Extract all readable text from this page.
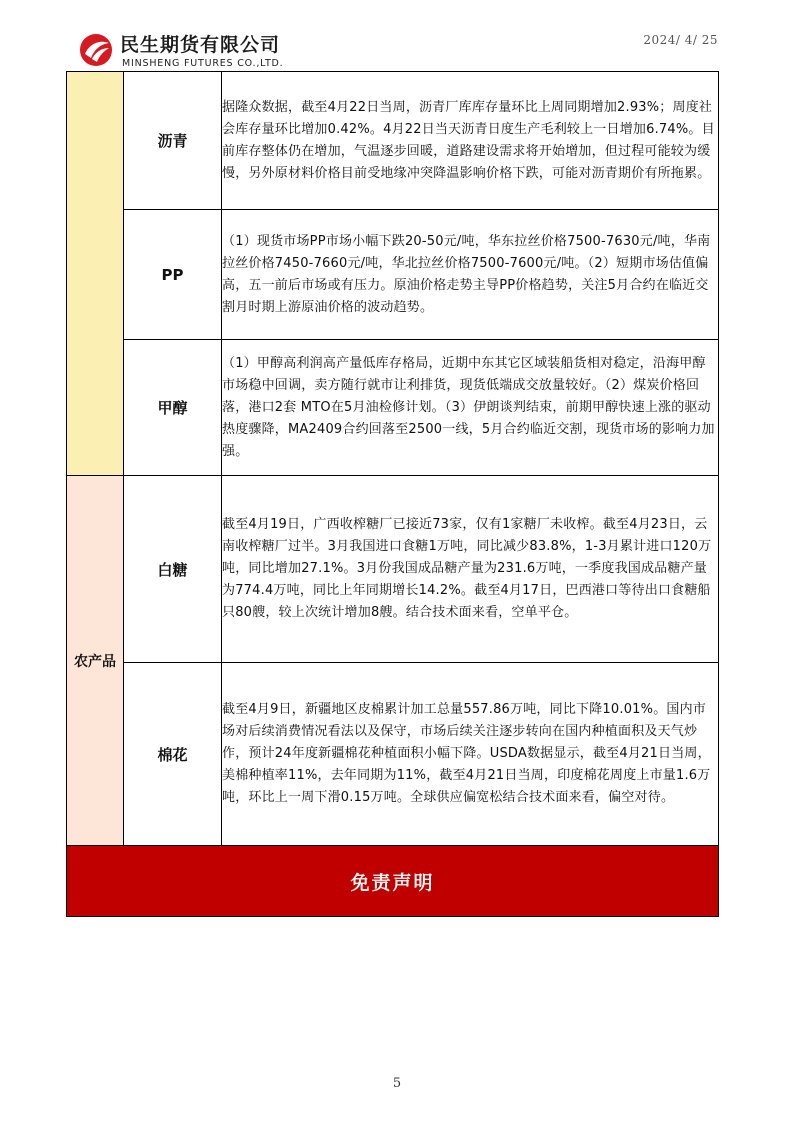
民生期货有限公司
MINSHENG FUTURES CO.,LTD.
2024/ 4/ 25
	沥青	据隆众数据，截至4月22日当周，沥青厂库库存量环比上周同期增加2.93%；周度社会库存量环比增加0.42%。4月22日当天沥青日度生产毛利较上一日增加6.74%。目前库存整体仍在增加，气温逐步回暖，道路建设需求将开始增加，但过程可能较为缓慢，另外原材料价格目前受地缘冲突降温影响价格下跌，可能对沥青期价有所拖累。
	PP	（1）现货市场PP市场小幅下跌20-50元/吨，华东拉丝价格7500-7630元/吨，华南拉丝价格7450-7660元/吨，华北拉丝价格7500-7600元/吨。（2）短期市场估值偏高，五一前后市场或有压力。原油价格走势主导PP价格趋势，关注5月合约在临近交割月时期上游原油价格的波动趋势。
	甲醇	（1）甲醇高利润高产量低库存格局，近期中东其它区域装船货相对稳定，沿海甲醇市场稳中回调，卖方随行就市让利排货，现货低端成交放量较好。（2）煤炭价格回落，港口2套 MTO在5月油检修计划。（3）伊朗谈判结束，前期甲醇快速上涨的驱动热度骤降，MA2409合约回落至2500一线，5月合约临近交割，现货市场的影响力加强。
农产品	白糖	截至4月19日，广西收榨糖厂已接近73家，仅有1家糖厂未收榨。截至4月23日，云南收榨糖厂过半。3月我国进口食糖1万吨，同比减少83.8%，1-3月累计进口120万吨，同比增加27.1%。3月份我国成品糖产量为231.6万吨，一季度我国成品糖产量为774.4万吨，同比上年同期增长14.2%。截至4月17日，巴西港口等待出口食糖船只80艘，较上次统计增加8艘。结合技术面来看，空单平仓。
	棉花	截至4月9日，新疆地区皮棉累计加工总量557.86万吨，同比下降10.01%。国内市场对后续消费情况看法以及保守，市场后续关注逐步转向在国内种植面积及天气炒作，预计24年度新疆棉花种植面积小幅下降。USDA数据显示，截至4月21日当周，美棉种植率11%，去年同期为11%，截至4月21日当周，印度棉花周度上市量1.6万吨，环比上一周下滑0.15万吨。全球供应偏宽松结合技术面来看，偏空对待。
免责声明		
5
